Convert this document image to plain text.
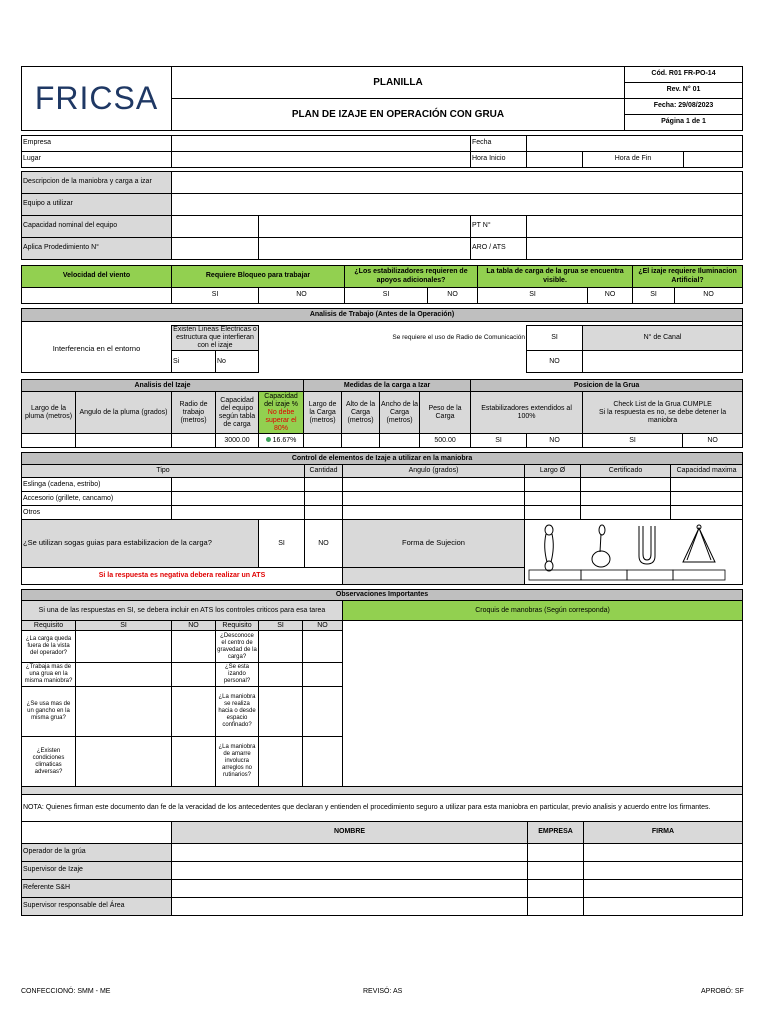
FRICSA	PLANILLA	Cód. R01 FR-PO-14
		Rev. N° 01
	PLAN DE IZAJE EN OPERACIÓN CON GRUA	Fecha: 29/08/2023
		Página 1 de 1
Empresa			Fecha			
Lugar			Hora Inicio		Hora de Fin	

Descripcion de la maniobra y carga a izar						
Equipo a utilizar						
Capacidad nominal del equipo			PT N°			
Aplica Prodedimiento N°			ARO / ATS			
Velocidad del viento	Requiere Bloqueo para trabajar		¿Los estabilizadores requieren de apoyos adicionales?		La tabla de carga de la grua se encuentra visible.		¿El izaje requiere Iluminacion Artificial?	
	SI	NO	SI	NO	SI	NO	SI	NO
Analisis de Trabajo (Antes de la Operación)					

Interferencia en el entorno	Existen Lineas Electricas o estructura que interfieran con el izaje		Se requiere el uso de Radio de Comunicación	SI	N° de Canal
	Si	No		NO	
Analisis del Izaje					Medidas de la carga a Izar				Posicion de la Grua			
Largo de la pluma (metros)	Angulo de la pluma (grados)	Radio de trabajo (metros)	Capacidad del equipo según tabla de carga	Capacidad del izaje %
No debe superar el 80%	Largo de la Carga (metros)	Alto de la Carga (metros)	Ancho de la Carga (metros)	Peso de la Carga	Estabilizadores extendidos al 100%		Check List de la Grua CUMPLE
Si la respuesta es no, se debe detener la maniobra	
			3000.00	16.67%				500.00	SI	NO	SI	NO
Control de elementos de Izaje a utilizar en la maniobra							
Tipo			Cantidad	Angulo (grados)	Largo Ø	Certificado	Capacidad maxima
Eslinga (cadena, estribo)							
Accesorio (grillete, cancamo)							
Otros							
¿Se utilizan sogas guias para estabilizacion de la carga?		SI	NO	Forma de Sujecion	

Si la respuesta es negativa debera realizar un ATS							
Observaciones Importantes						
Si una de las respuestas en SI, se debera incluir en ATS los controles criticos para esa tarea						Croquis de manobras (Según corresponda)
Requisito	SI	NO	Requisito	SI	NO	
¿La carga queda fuera de la vista del operador?			¿Desconoce el centro de gravedad de la carga?			
¿Trabaja mas de una grua en la misma maniobra?			¿Se esta izando personal?			
¿Se usa mas de un gancho en la misma grua?			¿La maniobra se realiza hacia o desde espacio confinado?			
¿Existen condiciones climaticas adversas?			¿La maniobra de amarre involucra arreglos no rutinarios?			

NOTA: Quienes firman este documento dan fe de la veracidad de los antecedentes que declaran y entienden el procedimiento seguro a utilizar para esta maniobra en particular, previo analisis y acuerdo entre los firmantes.			
	NOMBRE	EMPRESA	FIRMA
Operador de la grúa			
Supervisor de Izaje			
Referente S&H			
Supervisor responsable del Área			
CONFECCIONÓ: SMM - ME	REVISÓ: AS	APROBÓ: SF
